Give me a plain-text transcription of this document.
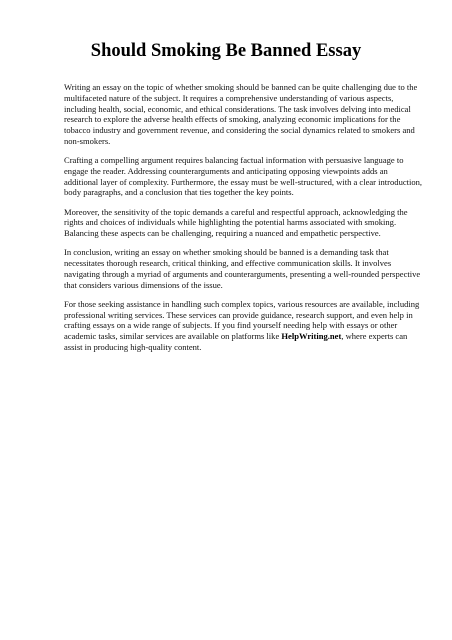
Should Smoking Be Banned Essay

Writing an essay on the topic of whether smoking should be banned can be quite challenging due to the multifaceted nature of the subject. It requires a comprehensive understanding of various aspects, including health, social, economic, and ethical considerations. The task involves delving into medical research to explore the adverse health effects of smoking, analyzing economic implications for the tobacco industry and government revenue, and considering the social dynamics related to smokers and non-smokers.

Crafting a compelling argument requires balancing factual information with persuasive language to engage the reader. Addressing counterarguments and anticipating opposing viewpoints adds an additional layer of complexity. Furthermore, the essay must be well-structured, with a clear introduction, body paragraphs, and a conclusion that ties together the key points.

Moreover, the sensitivity of the topic demands a careful and respectful approach, acknowledging the rights and choices of individuals while highlighting the potential harms associated with smoking. Balancing these aspects can be challenging, requiring a nuanced and empathetic perspective.

In conclusion, writing an essay on whether smoking should be banned is a demanding task that necessitates thorough research, critical thinking, and effective communication skills. It involves navigating through a myriad of arguments and counterarguments, presenting a well-rounded perspective that considers various dimensions of the issue.

For those seeking assistance in handling such complex topics, various resources are available, including professional writing services. These services can provide guidance, research support, and even help in crafting essays on a wide range of subjects. If you find yourself needing help with essays or other academic tasks, similar services are available on platforms like HelpWriting.net, where experts can assist in producing high-quality content.
